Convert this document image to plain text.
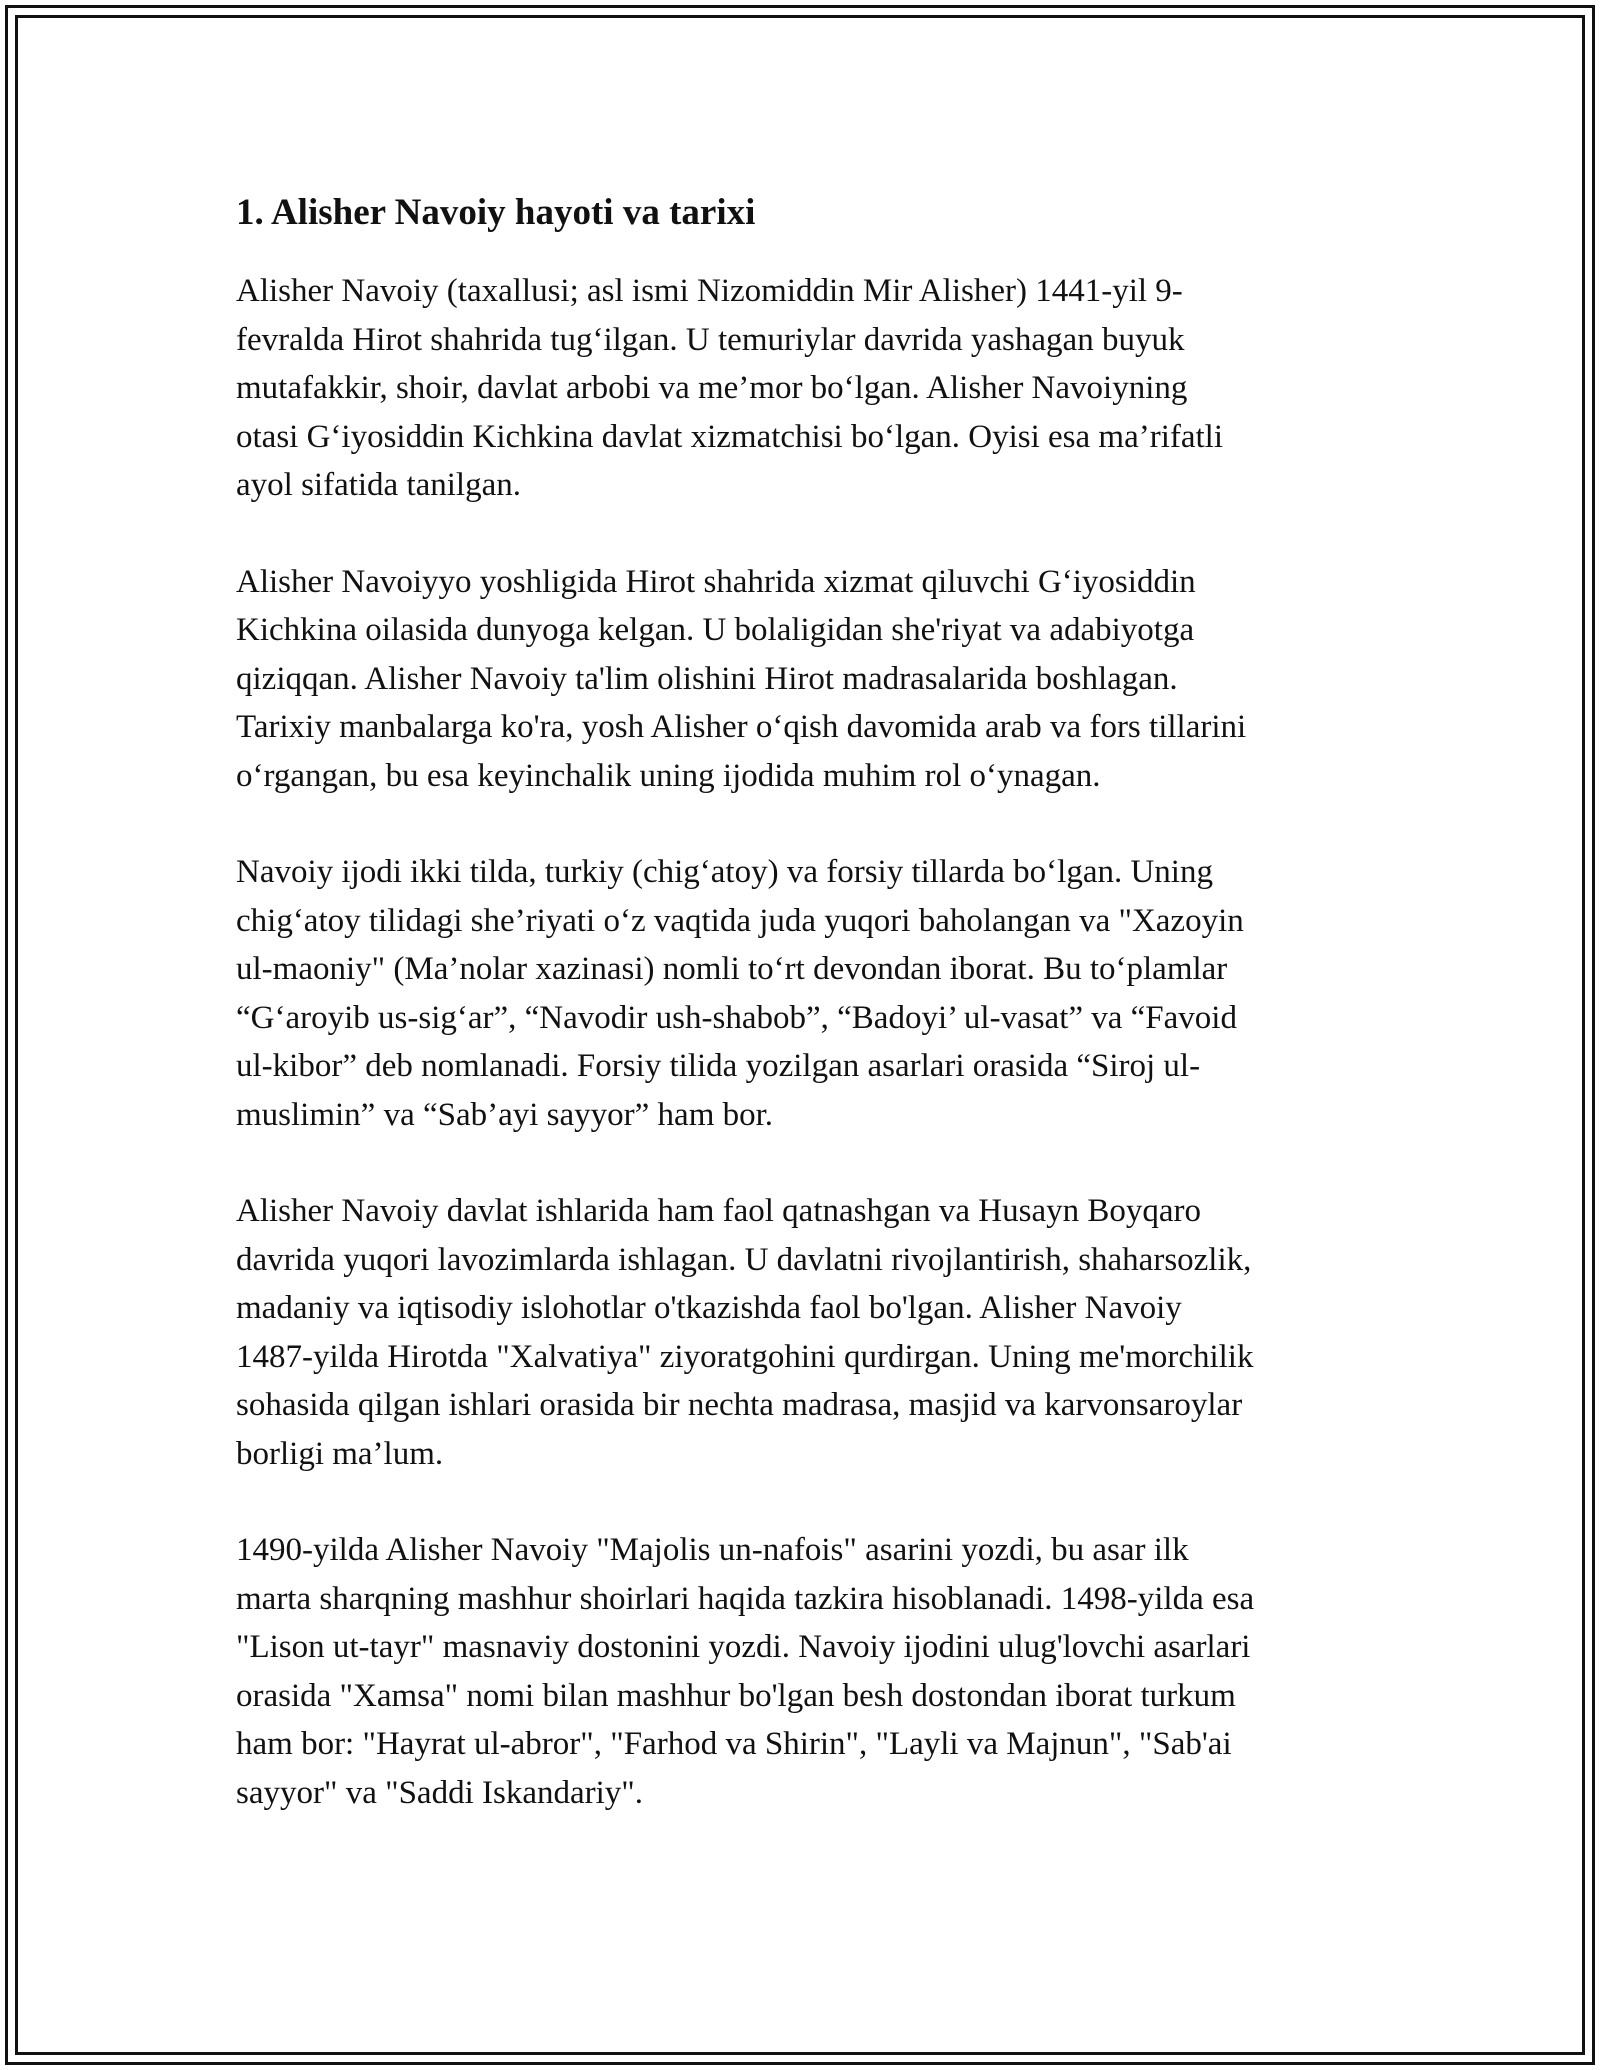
1. Alisher Navoiy hayoti va tarixi

Alisher Navoiy (taxallusi; asl ismi Nizomiddin Mir Alisher) 1441-yil 9-
fevralda Hirot shahrida tug‘ilgan. U temuriylar davrida yashagan buyuk
mutafakkir, shoir, davlat arbobi va me’mor bo‘lgan. Alisher Navoiyning
otasi G‘iyosiddin Kichkina davlat xizmatchisi bo‘lgan. Oyisi esa ma’rifatli
ayol sifatida tanilgan.

Alisher Navoiyyo yoshligida Hirot shahrida xizmat qiluvchi G‘iyosiddin
Kichkina oilasida dunyoga kelgan. U bolaligidan she'riyat va adabiyotga
qiziqqan. Alisher Navoiy ta'lim olishini Hirot madrasalarida boshlagan.
Tarixiy manbalarga ko'ra, yosh Alisher o‘qish davomida arab va fors tillarini
o‘rgangan, bu esa keyinchalik uning ijodida muhim rol o‘ynagan.

Navoiy ijodi ikki tilda, turkiy (chig‘atoy) va forsiy tillarda bo‘lgan. Uning
chig‘atoy tilidagi she’riyati o‘z vaqtida juda yuqori baholangan va "Xazoyin
ul-maoniy" (Ma’nolar xazinasi) nomli to‘rt devondan iborat. Bu to‘plamlar
“G‘aroyib us-sig‘ar”, “Navodir ush-shabob”, “Badoyi’ ul-vasat” va “Favoid
ul-kibor” deb nomlanadi. Forsiy tilida yozilgan asarlari orasida “Siroj ul-
muslimin” va “Sab’ayi sayyor” ham bor.

Alisher Navoiy davlat ishlarida ham faol qatnashgan va Husayn Boyqaro
davrida yuqori lavozimlarda ishlagan. U davlatni rivojlantirish, shaharsozlik,
madaniy va iqtisodiy islohotlar o'tkazishda faol bo'lgan. Alisher Navoiy
1487-yilda Hirotda "Xalvatiya" ziyoratgohini qurdirgan. Uning me'morchilik
sohasida qilgan ishlari orasida bir nechta madrasa, masjid va karvonsaroylar
borligi ma’lum.

1490-yilda Alisher Navoiy "Majolis un-nafois" asarini yozdi, bu asar ilk
marta sharqning mashhur shoirlari haqida tazkira hisoblanadi. 1498-yilda esa
"Lison ut-tayr" masnaviy dostonini yozdi. Navoiy ijodini ulug'lovchi asarlari
orasida "Xamsa" nomi bilan mashhur bo'lgan besh dostondan iborat turkum
ham bor: "Hayrat ul-abror", "Farhod va Shirin", "Layli va Majnun", "Sab'ai
sayyor" va "Saddi Iskandariy".
